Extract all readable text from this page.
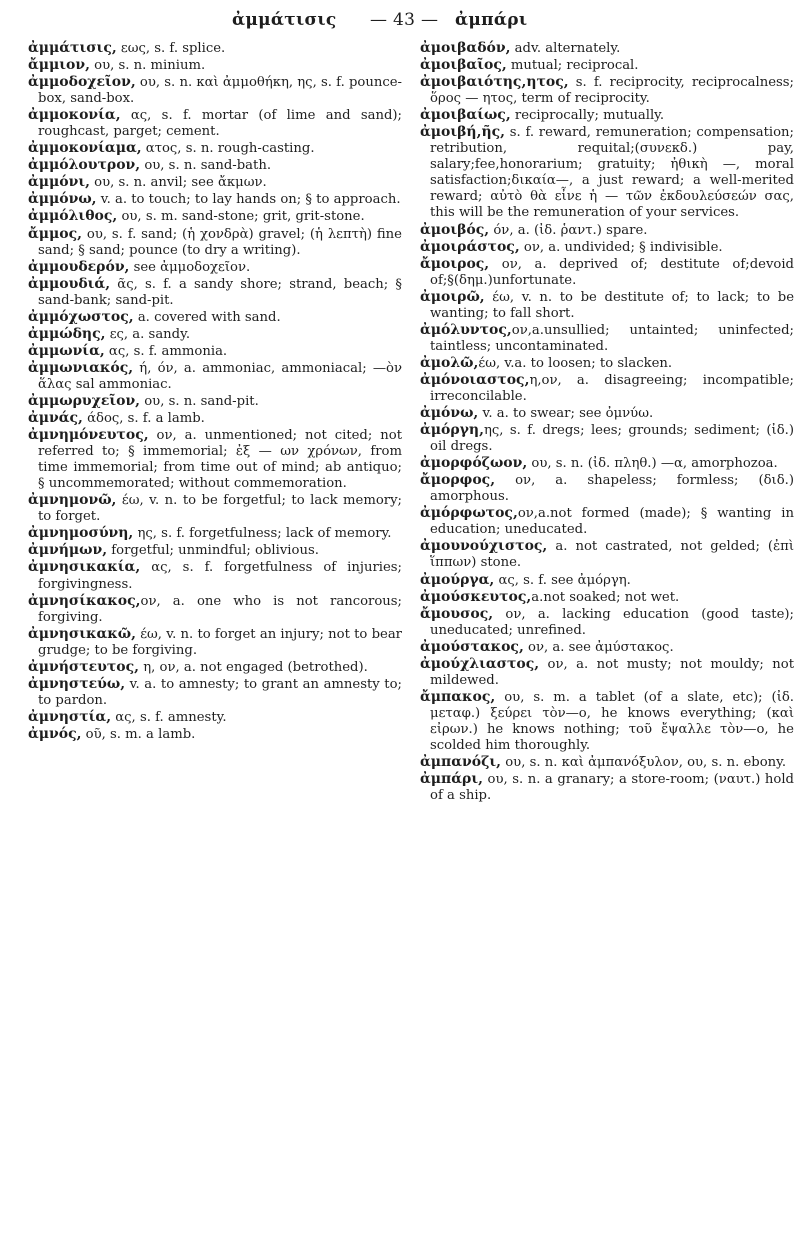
ἀμμάτισις — 43 — ἀμπάρι

ἀμμάτισις, εως, s. f. splice.

ἄμμιον, ου, s. n. minium.

ἀμμοδοχεῖον, ου, s. n. καὶ ἀμμοθήκη, ης, s. f. pounce-box, sand-box.

ἀμμοκονία, ας, s. f. mortar (of lime and sand); roughcast, parget; cement.

ἀμμοκονίαμα, ατος, s. n. rough-casting.

ἀμμόλουτρον, ου, s. n. sand-bath.

ἀμμόνι, ου, s. n. anvil; see ἄκμων.

ἀμμόνω, v. a. to touch; to lay hands on; § to approach.

ἀμμόλιθος, ου, s. m. sand-stone; grit, grit-stone.

ἄμμος, ου, s. f. sand; (ἡ χονδρὰ) gravel; (ἡ λεπτὴ) fine sand; § sand; pounce (to dry a writing).

ἀμμουδερόν, see ἀμμοδοχεῖον.

ἀμμουδιά, ᾶς, s. f. a sandy shore; strand, beach; § sand-bank; sand-pit.

ἀμμόχωστος, a. covered with sand.

ἀμμώδης, ες, a. sandy.

ἀμμωνία, ας, s. f. ammonia.

ἀμμωνιακός, ή, όν, a. ammoniac, ammoniacal; —ὸν ἅλας sal ammoniac.

ἀμμωρυχεῖον, ου, s. n. sand-pit.

ἀμνάς, άδος, s. f. a lamb.

ἀμνημόνευτος, ον, a. unmentioned; not cited; not referred to; § immemorial; ἐξ — ων χρόνων, from time immemorial; from time out of mind; ab antiquo; § uncommemorated; without commemoration.

ἀμνημονῶ, έω, v. n. to be forgetful; to lack memory; to forget.

ἀμνημοσύνη, ης, s. f. forgetfulness; lack of memory.

ἀμνήμων, forgetful; unmindful; oblivious.

ἀμνησικακία, ας, s. f. forgetfulness of injuries; forgivingness.

ἀμνησίκακος,ον, a. one who is not rancorous; forgiving.

ἀμνησικακῶ, έω, v. n. to forget an injury; not to bear grudge; to be forgiving.

ἀμνήστευτος, η, ον, a. not engaged (betrothed).

ἀμνηστεύω, v. a. to amnesty; to grant an amnesty to; to pardon.

ἀμνηστία, ας, s. f. amnesty.

ἀμνός, οῦ, s. m. a lamb.

ἀμοιβαδόν, adv. alternately.

ἀμοιβαῖος, mutual; reciprocal.

ἀμοιβαιότης,ητος, s. f. reciprocity, reciprocalness; ὅρος — ητος, term of reciprocity.

ἀμοιβαίως, reciprocally; mutually.

ἀμοιβή,ῆς, s. f. reward, remuneration; compensation; retribution, requital;(συνεκδ.) pay, salary;fee,honorarium; gratuity; ἠθικὴ —, moral satisfaction;δικαία—, a just reward; a well-merited reward; αὐτὸ θὰ εἶνε ἡ — τῶν ἐκδουλεύσεών σας, this will be the remuneration of your services.

ἀμοιβός, όν, a. (ἰδ. ῥαντ.) spare.

ἀμοιράστος, ον, a. undivided; § indivisible.

ἄμοιρος, ον, a. deprived of; destitute of;devoid of;§(δημ.)unfortunate.

ἀμοιρῶ, έω, v. n. to be destitute of; to lack; to be wanting; to fall short.

ἀμόλυντος,ον,a.unsullied; untainted; uninfected; taintless; uncontaminated.

ἀμολῶ,έω, v.a. to loosen; to slacken.

ἀμόνοιαστος,η,ον, a. disagreeing; incompatible; irreconcilable.

ἀμόνω, v. a. to swear; see ὀμνύω.

ἀμόργη,ης, s. f. dregs; lees; grounds; sediment; (ἰδ.) oil dregs.

ἀμορφόζωον, ου, s. n. (ἰδ. πληθ.) —α, amorphozoa.

ἄμορφος, ον, a. shapeless; formless; (διδ.) amorphous.

ἀμόρφωτος,ον,a.not formed (made); § wanting in education; uneducated.

ἀμουνούχιστος, a. not castrated, not gelded; (ἐπὶ ἵππων) stone.

ἀμούργα, ας, s. f. see ἀμόργη.

ἀμούσκευτος,a.not soaked; not wet.

ἄμουσος, ον, a. lacking education (good taste); uneducated; unrefined.

ἀμούστακος, ον, a. see ἀμύστακος.

ἀμούχλιαστος, ον, a. not musty; not mouldy; not mildewed.

ἄμπακος, ου, s. m. a tablet (of a slate, etc); (ἰδ. μεταφ.) ξεύρει τὸν—ο, he knows everything; (καὶ εἰρων.) he knows nothing; τοῦ ἔψαλλε τὸν—ο, he scolded him thoroughly.

ἀμπανόζι, ου, s. n. καὶ ἀμπανόξυλον, ου, s. n. ebony.

ἀμπάρι, ου, s. n. a granary; a store-room; (ναυτ.) hold of a ship.
